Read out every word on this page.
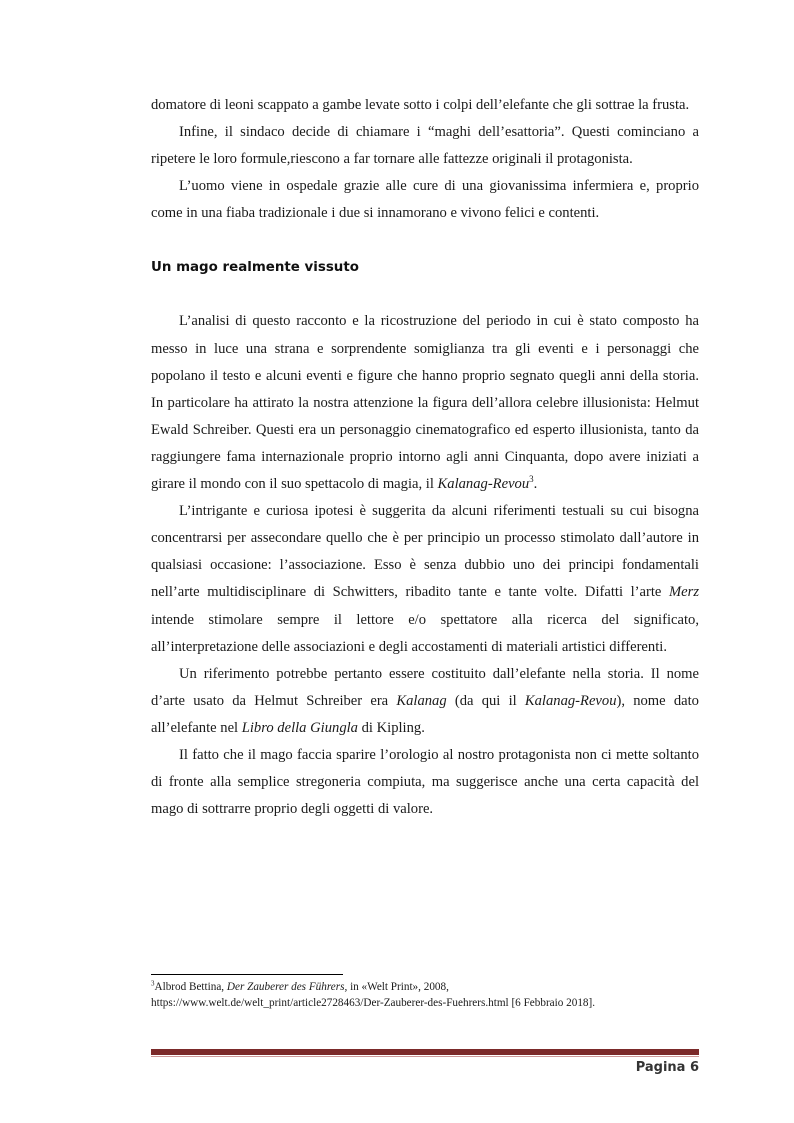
domatore di leoni scappato a gambe levate sotto i colpi dell’elefante che gli sottrae la frusta.

Infine, il sindaco decide di chiamare i “maghi dell’esattoria”. Questi cominciano a ripetere le loro formule,riescono a far tornare alle fattezze originali il protagonista.

L’uomo viene in ospedale grazie alle cure di una giovanissima infermiera e, proprio come in una fiaba tradizionale i due si innamorano e vivono felici e contenti.

Un mago realmente vissuto

L’analisi di questo racconto e la ricostruzione del periodo in cui è stato composto ha messo in luce una strana e sorprendente somiglianza tra gli eventi e i personaggi che popolano il testo e alcuni eventi e figure che hanno proprio segnato quegli anni della storia. In particolare ha attirato la nostra attenzione la figura dell’allora celebre illusionista: Helmut Ewald Schreiber. Questi era un personaggio cinematografico ed esperto illusionista, tanto da raggiungere fama internazionale proprio intorno agli anni Cinquanta, dopo avere iniziati a girare il mondo con il suo spettacolo di magia, il Kalanag-Revou$^3$.

L’intrigante e curiosa ipotesi è suggerita da alcuni riferimenti testuali su cui bisogna concentrarsi per assecondare quello che è per principio un processo stimolato dall’autore in qualsiasi occasione: l’associazione. Esso è senza dubbio uno dei principi fondamentali nell’arte multidisciplinare di Schwitters, ribadito tante e tante volte. Difatti l’arte Merz intende stimolare sempre il lettore e/o spettatore alla ricerca del significato, all’interpretazione delle associazioni e degli accostamenti di materiali artistici differenti.

Un riferimento potrebbe pertanto essere costituito dall’elefante nella storia. Il nome d’arte usato da Helmut Schreiber era Kalanag (da qui il Kalanag-Revou), nome dato all’elefante nel Libro della Giungla di Kipling.

Il fatto che il mago faccia sparire l’orologio al nostro protagonista non ci mette soltanto di fronte alla semplice stregoneria compiuta, ma suggerisce anche una certa capacità del mago di sottrarre proprio degli oggetti di valore.

$^3$Albrod Bettina, Der Zauberer des Führers, in «Welt Print», 2008,
https://www.welt.de/welt_print/article2728463/Der-Zauberer-des-Fuehrers.html [6 Febbraio 2018].
Pagina 6
